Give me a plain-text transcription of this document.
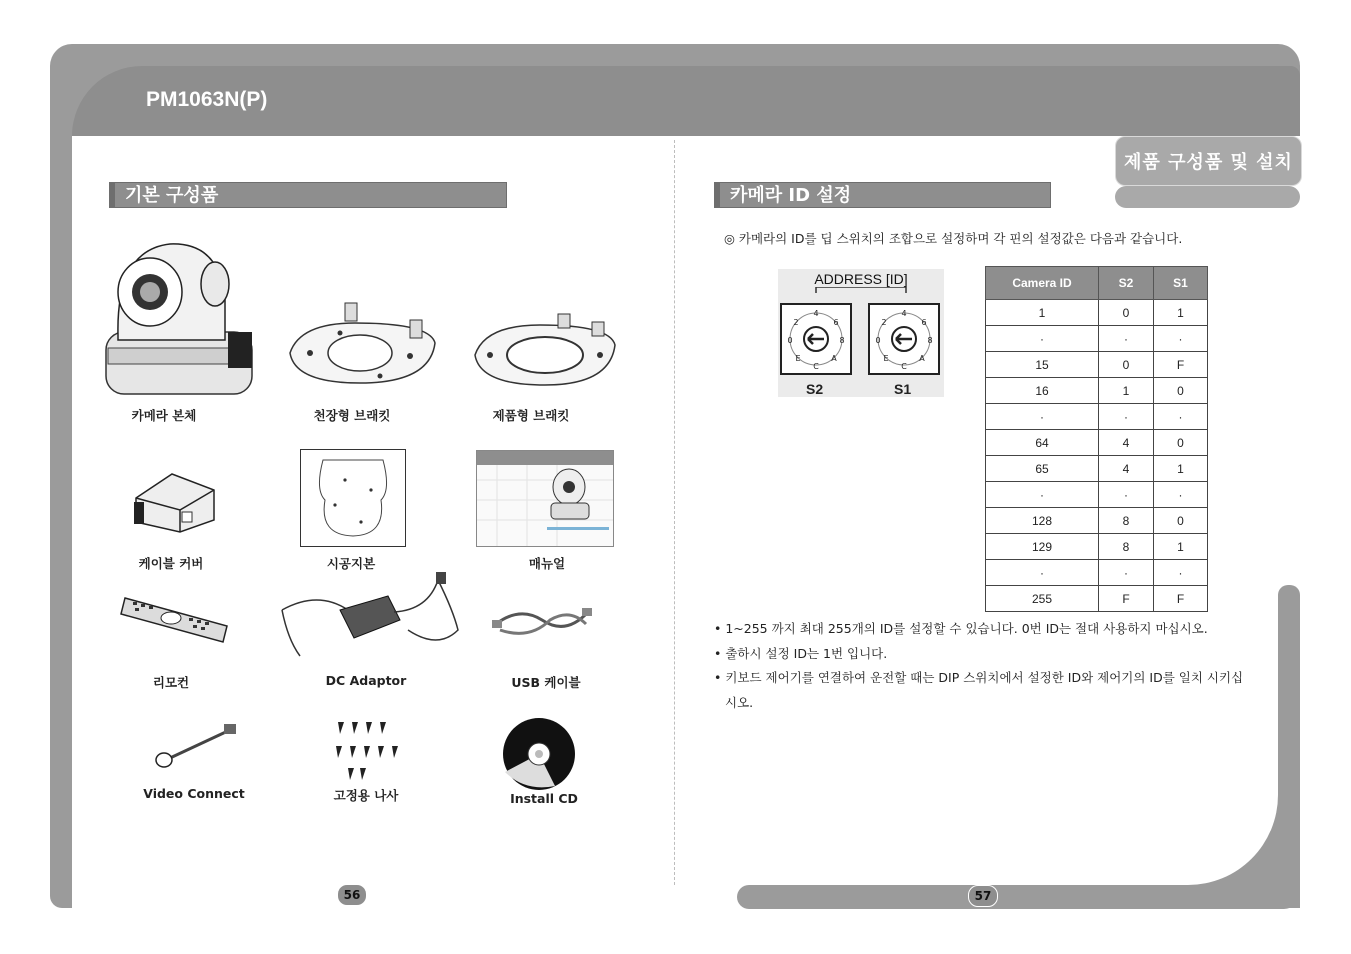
PM1063N(P)
제품 구성품 및 설치
기본 구성품
카메라 본체	천장형 브래킷	제품형 브래킷
케이블 커버	시공지본	매뉴얼
리모컨	DC Adaptor	USB 케이블
Video Connect	고정용 나사	Install CD
56
카메라 ID 설정
◎ 카메라의 ID를 딥 스위치의 조합으로 설정하며 각 핀의 설정값은 다음과 같습니다.
ADDRESS [ID]
4
6
8
A
C
E
0
2
4
6
8
A
C
E
0
2
S2	S1
Camera ID	S2	S1
1	0	1
·	·	·
15	0	F
16	1	0
·	·	·
64	4	0
65	4	1
·	·	·
128	8	0
129	8	1
·	·	·
255	F	F
• 1~255 까지 최대 255개의 ID를 설정할 수 있습니다. 0번 ID는 절대 사용하지 마십시오.
• 출하시 설정 ID는 1번 입니다.
• 키보드 제어기를 연결하여 운전할 때는 DIP 스위치에서 설정한 ID와 제어기의 ID를 일치 시키십시오.
57
